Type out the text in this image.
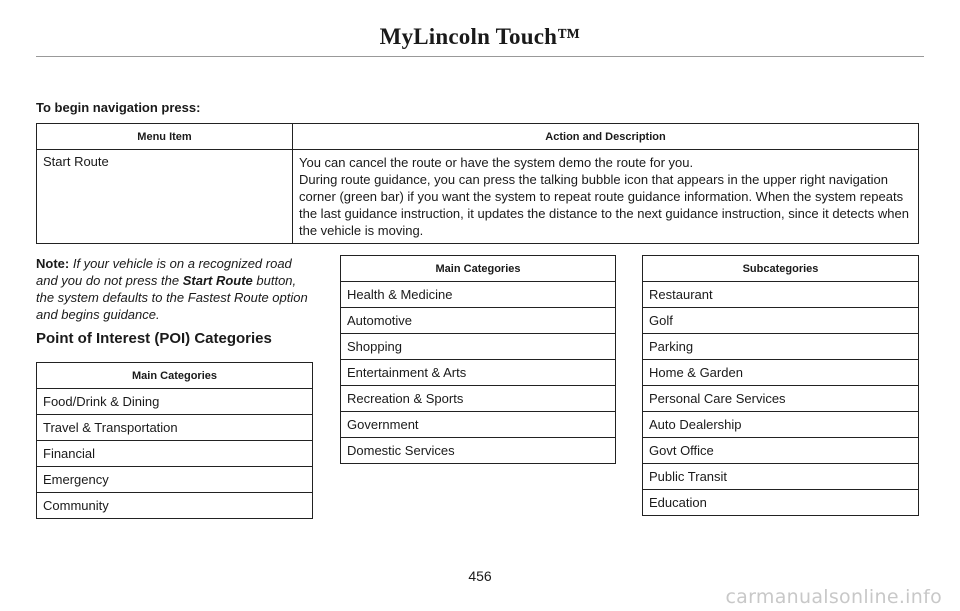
MyLincoln Touch™
To begin navigation press:
Menu Item	Action and Description
Start Route	You can cancel the route or have the system demo the route for you.
During route guidance, you can press the talking bubble icon that appears in the upper right navigation corner (green bar) if you want the system to repeat route guidance information. When the system repeats the last guidance instruction, it updates the distance to the next guidance instruction, since it detects when the vehicle is moving.
Note: If your vehicle is on a recognized road and you do not press the Start Route button, the system defaults to the Fastest Route option and begins guidance.
Point of Interest (POI) Categories
Main Categories
Food/Drink & Dining
Travel & Transportation
Financial
Emergency
Community
Main Categories
Health & Medicine
Automotive
Shopping
Entertainment & Arts
Recreation & Sports
Government
Domestic Services
Subcategories
Restaurant
Golf
Parking
Home & Garden
Personal Care Services
Auto Dealership
Govt Office
Public Transit
Education
456
carmanualsonline.info
